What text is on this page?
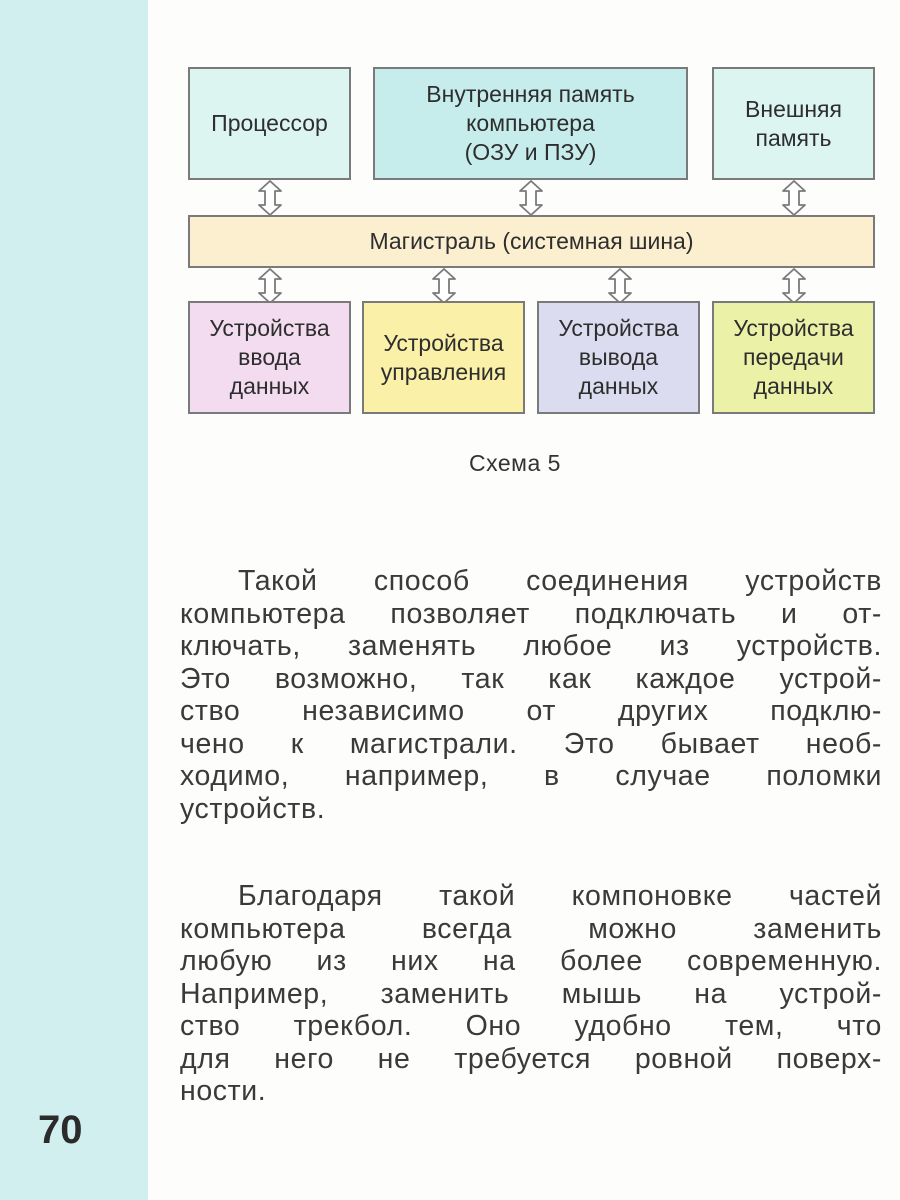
Процессор
Внутренняя память
компьютера
(ОЗУ и ПЗУ)
Внешняя
память
Магистраль (системная шина)
Устройства
ввода
данных
Устройства
управления
Устройства
вывода
данных
Устройства
передачи
данных
Схема 5
Такой способ соединения устройств
компьютера позволяет подключать и от-
ключать, заменять любое из устройств.
Это возможно, так как каждое устрой-
ство независимо от других подклю-
чено к магистрали. Это бывает необ-
ходимо, например, в случае поломки
устройств.
Благодаря такой компоновке частей
компьютера всегда можно заменить
любую из них на более современную.
Например, заменить мышь на устрой-
ство трекбол. Оно удобно тем, что
для него не требуется ровной поверх-
ности.
70
